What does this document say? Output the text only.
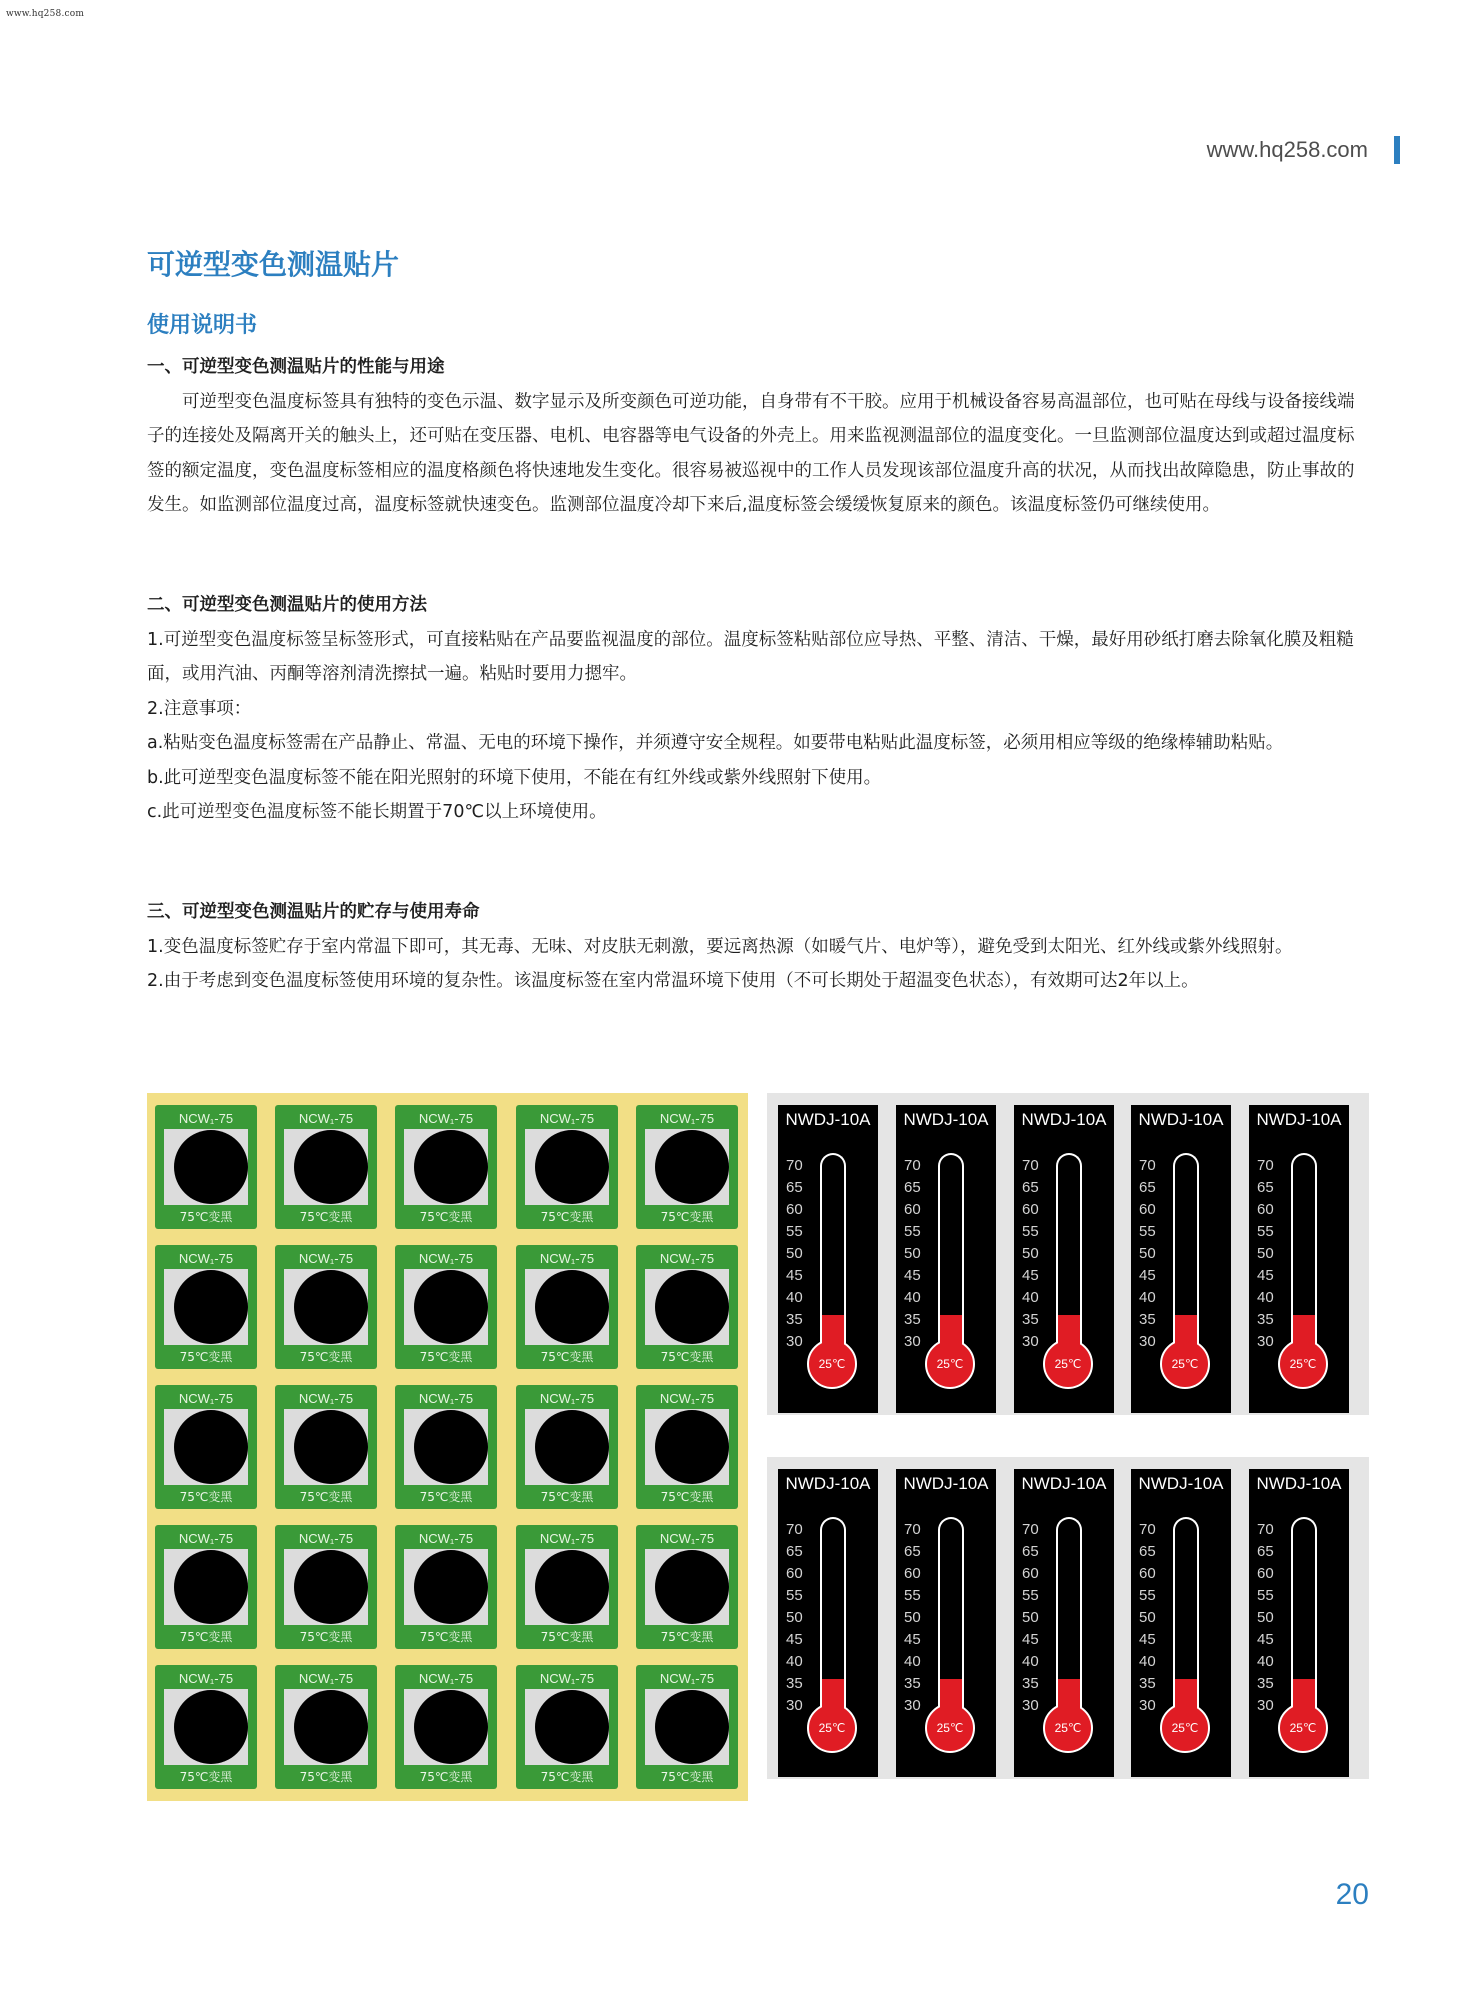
www.hq258.com
www.hq258.com
可逆型变色测温贴片
使用说明书

一、可逆型变色测温贴片的性能与用途

可逆型变色温度标签具有独特的变色示温、数字显示及所变颜色可逆功能，自身带有不干胶。应用于机械设备容易高温部位，也可贴在母线与设备接线端子的连接处及隔离开关的触头上，还可贴在变压器、电机、电容器等电气设备的外壳上。用来监视测温部位的温度变化。一旦监测部位温度达到或超过温度标签的额定温度，变色温度标签相应的温度格颜色将快速地发生变化。很容易被巡视中的工作人员发现该部位温度升高的状况，从而找出故障隐患，防止事故的发生。如监测部位温度过高，温度标签就快速变色。监测部位温度冷却下来后,温度标签会缓缓恢复原来的颜色。该温度标签仍可继续使用。

二、可逆型变色测温贴片的使用方法

1.可逆型变色温度标签呈标签形式，可直接粘贴在产品要监视温度的部位。温度标签粘贴部位应导热、平整、清洁、干燥，最好用砂纸打磨去除氧化膜及粗糙面，或用汽油、丙酮等溶剂清洗擦拭一遍。粘贴时要用力摁牢。

2.注意事项：

a.粘贴变色温度标签需在产品静止、常温、无电的环境下操作，并须遵守安全规程。如要带电粘贴此温度标签，必须用相应等级的绝缘棒辅助粘贴。

b.此可逆型变色温度标签不能在阳光照射的环境下使用，不能在有红外线或紫外线照射下使用。

c.此可逆型变色温度标签不能长期置于70℃以上环境使用。

三、可逆型变色测温贴片的贮存与使用寿命

1.变色温度标签贮存于室内常温下即可，其无毒、无味、对皮肤无刺激，要远离热源（如暖气片、电炉等），避免受到太阳光、红外线或紫外线照射。

2.由于考虑到变色温度标签使用环境的复杂性。该温度标签在室内常温环境下使用（不可长期处于超温变色状态），有效期可达2年以上。

NCW₁-75
75℃变黑
NCW₁-75
75℃变黑
NCW₁-75
75℃变黑
NCW₁-75
75℃变黑
NCW₁-75
75℃变黑
NCW₁-75
75℃变黑
NCW₁-75
75℃变黑
NCW₁-75
75℃变黑
NCW₁-75
75℃变黑
NCW₁-75
75℃变黑
NCW₁-75
75℃变黑
NCW₁-75
75℃变黑
NCW₁-75
75℃变黑
NCW₁-75
75℃变黑
NCW₁-75
75℃变黑
NCW₁-75
75℃变黑
NCW₁-75
75℃变黑
NCW₁-75
75℃变黑
NCW₁-75
75℃变黑
NCW₁-75
75℃变黑
NCW₁-75
75℃变黑
NCW₁-75
75℃变黑
NCW₁-75
75℃变黑
NCW₁-75
75℃变黑
NCW₁-75
75℃变黑
NWDJ-10A
70
65
60
55
50
45
40
35
30
25℃
NWDJ-10A
70
65
60
55
50
45
40
35
30
25℃
NWDJ-10A
70
65
60
55
50
45
40
35
30
25℃
NWDJ-10A
70
65
60
55
50
45
40
35
30
25℃
NWDJ-10A
70
65
60
55
50
45
40
35
30
25℃
NWDJ-10A
70
65
60
55
50
45
40
35
30
25℃
NWDJ-10A
70
65
60
55
50
45
40
35
30
25℃
NWDJ-10A
70
65
60
55
50
45
40
35
30
25℃
NWDJ-10A
70
65
60
55
50
45
40
35
30
25℃
NWDJ-10A
70
65
60
55
50
45
40
35
30
25℃
20
